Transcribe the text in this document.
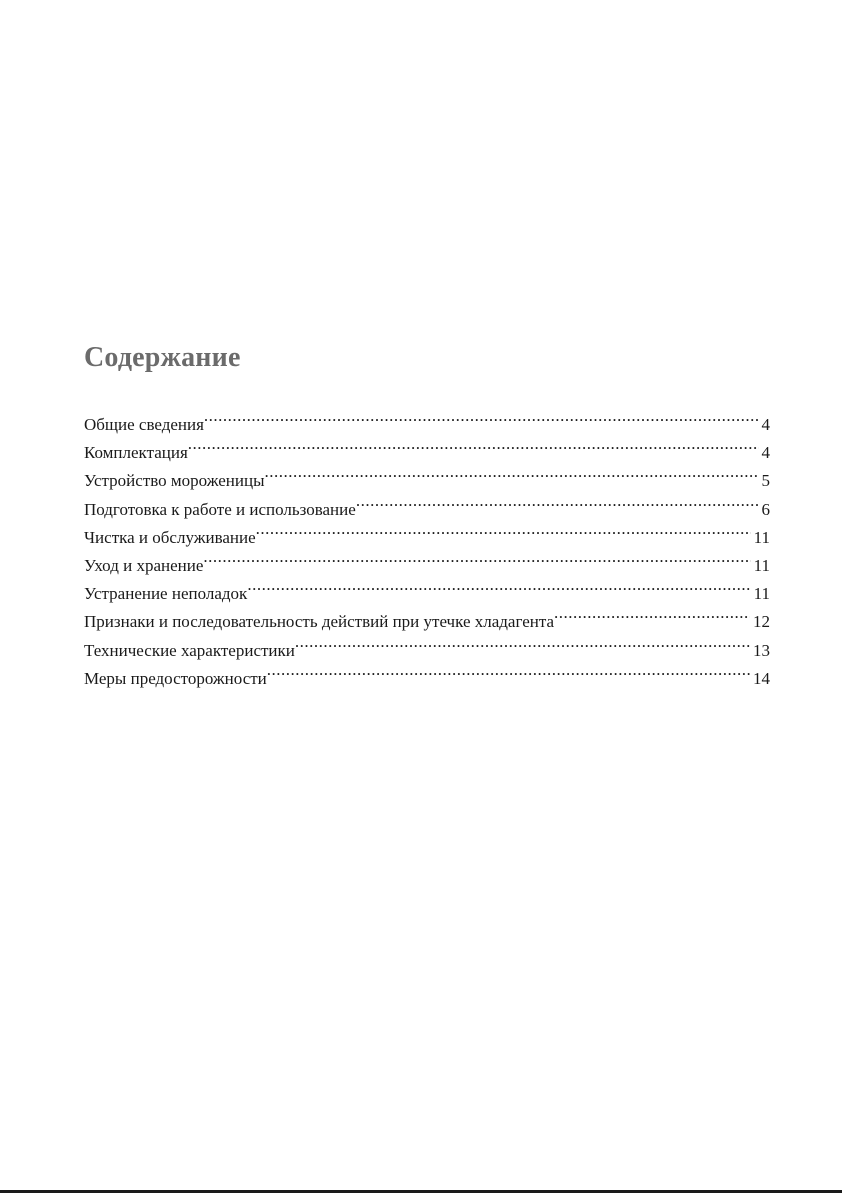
Содержание
Общие сведения .....	4
Комплектация .....	4
Устройство мороженицы .....	5
Подготовка к работе и использование .....	6
Чистка и обслуживание .....	11
Уход и хранение .....	11
Устранение неполадок .....	11
Признаки и последовательность действий при утечке хладагента .....	12
Технические характеристики .....	13
Меры предосторожности .....	14
